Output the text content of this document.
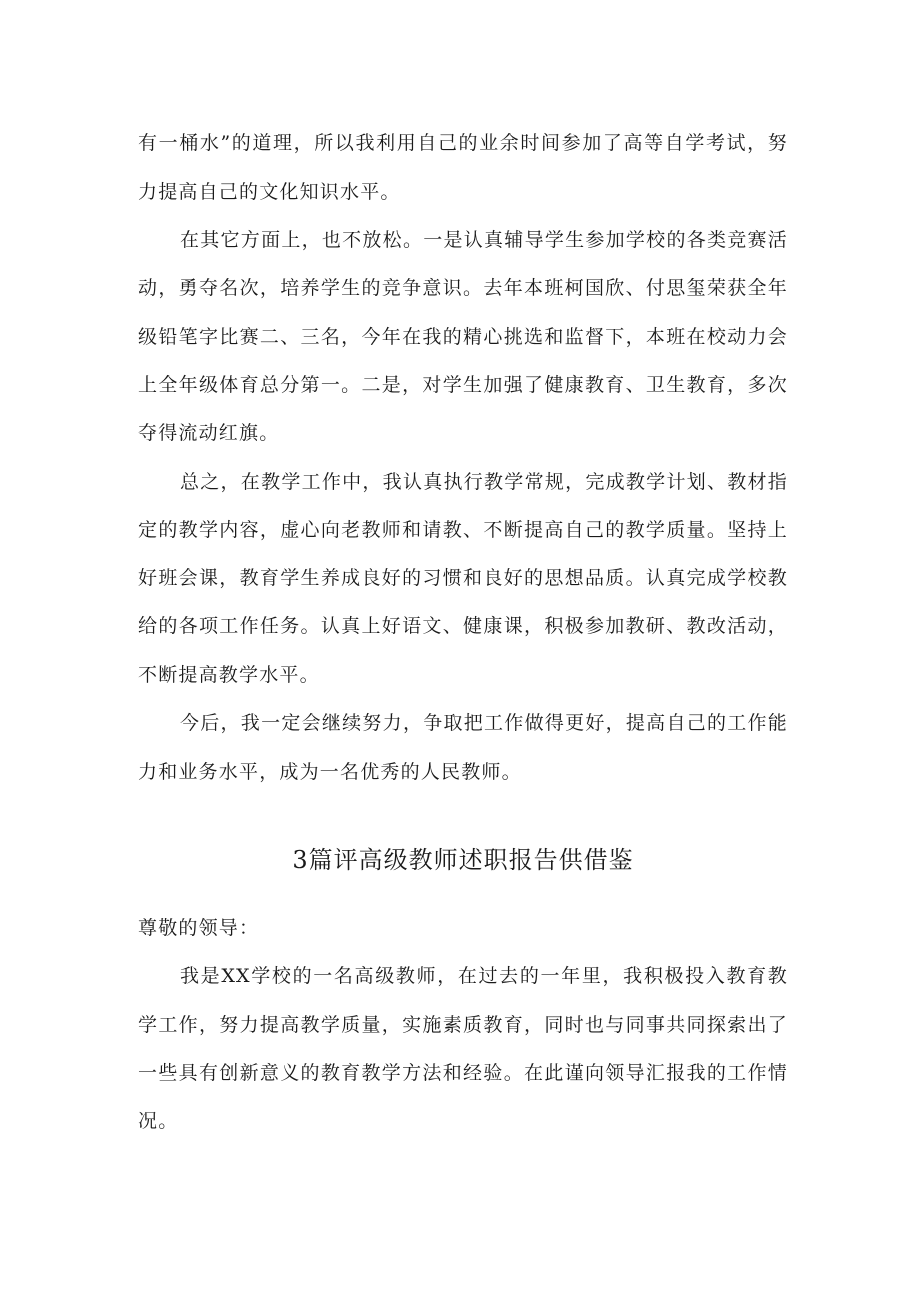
有一桶水”的道理，所以我利用自己的业余时间参加了高等自学考试，努
力提高自己的文化知识水平。
在其它方面上，也不放松。一是认真辅导学生参加学校的各类竞赛活
动，勇夺名次，培养学生的竞争意识。去年本班柯国欣、付思玺荣获全年
级铅笔字比赛二、三名，今年在我的精心挑选和监督下，本班在校动力会
上全年级体育总分第一。二是，对学生加强了健康教育、卫生教育，多次
夺得流动红旗。
总之，在教学工作中，我认真执行教学常规，完成教学计划、教材指
定的教学内容，虚心向老教师和请教、不断提高自己的教学质量。坚持上
好班会课，教育学生养成良好的习惯和良好的思想品质。认真完成学校教
给的各项工作任务。认真上好语文、健康课，积极参加教研、教改活动，
不断提高教学水平。
今后，我一定会继续努力，争取把工作做得更好，提高自己的工作能
力和业务水平，成为一名优秀的人民教师。
3篇评高级教师述职报告供借鉴
尊敬的领导：
我是XX学校的一名高级教师，在过去的一年里，我积极投入教育教
学工作，努力提高教学质量，实施素质教育，同时也与同事共同探索出了
一些具有创新意义的教育教学方法和经验。在此谨向领导汇报我的工作情
况。
